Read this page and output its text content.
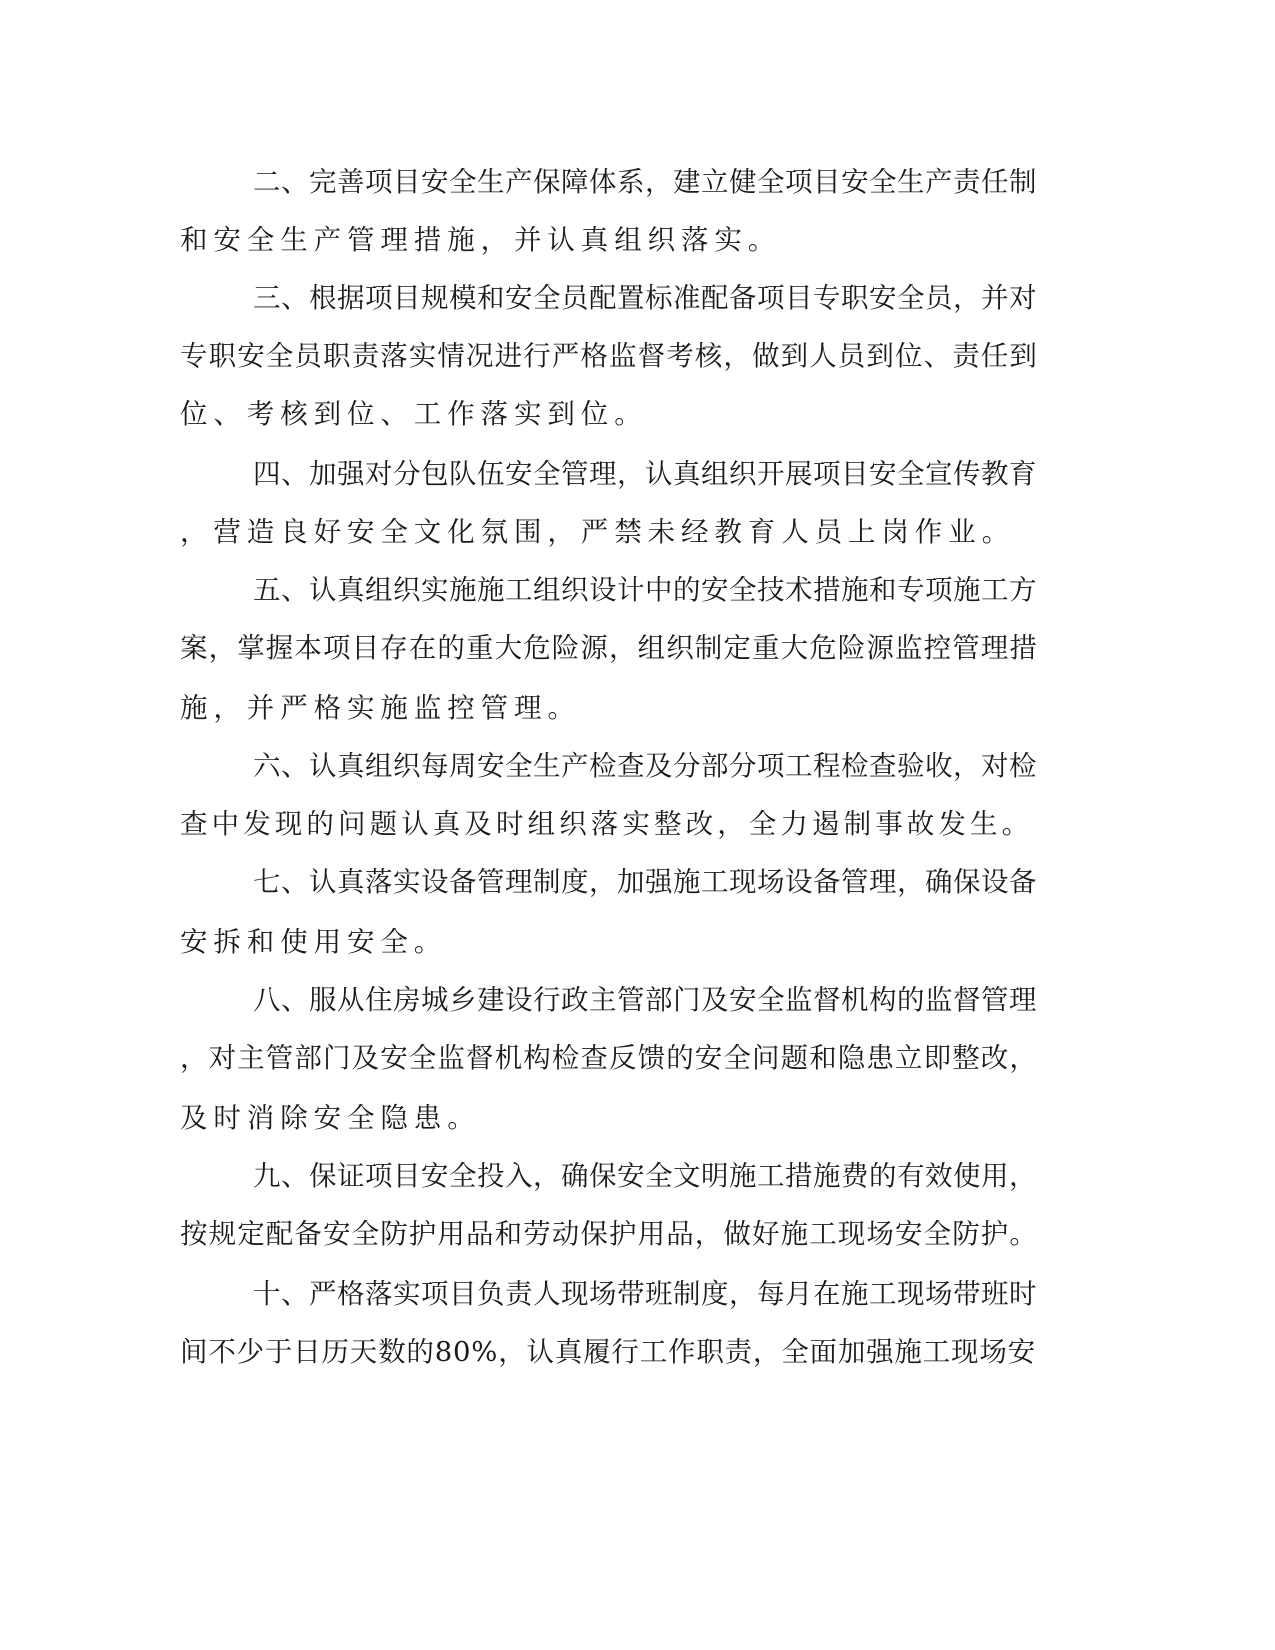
二、完善项目安全生产保障体系，建立健全项目安全生产责任制

和安全生产管理措施，并认真组织落实。

三、根据项目规模和安全员配置标准配备项目专职安全员，并对

专职安全员职责落实情况进行严格监督考核，做到人员到位、责任到

位、考核到位、工作落实到位。

四、加强对分包队伍安全管理，认真组织开展项目安全宣传教育

，营造良好安全文化氛围，严禁未经教育人员上岗作业。

五、认真组织实施施工组织设计中的安全技术措施和专项施工方

案，掌握本项目存在的重大危险源，组织制定重大危险源监控管理措

施，并严格实施监控管理。

六、认真组织每周安全生产检查及分部分项工程检查验收，对检

查中发现的问题认真及时组织落实整改，全力遏制事故发生。

七、认真落实设备管理制度，加强施工现场设备管理，确保设备

安拆和使用安全。

八、服从住房城乡建设行政主管部门及安全监督机构的监督管理

，对主管部门及安全监督机构检查反馈的安全问题和隐患立即整改，

及时消除安全隐患。

九、保证项目安全投入，确保安全文明施工措施费的有效使用，

按规定配备安全防护用品和劳动保护用品，做好施工现场安全防护。

十、严格落实项目负责人现场带班制度，每月在施工现场带班时

间不少于日历天数的80%，认真履行工作职责，全面加强施工现场安
